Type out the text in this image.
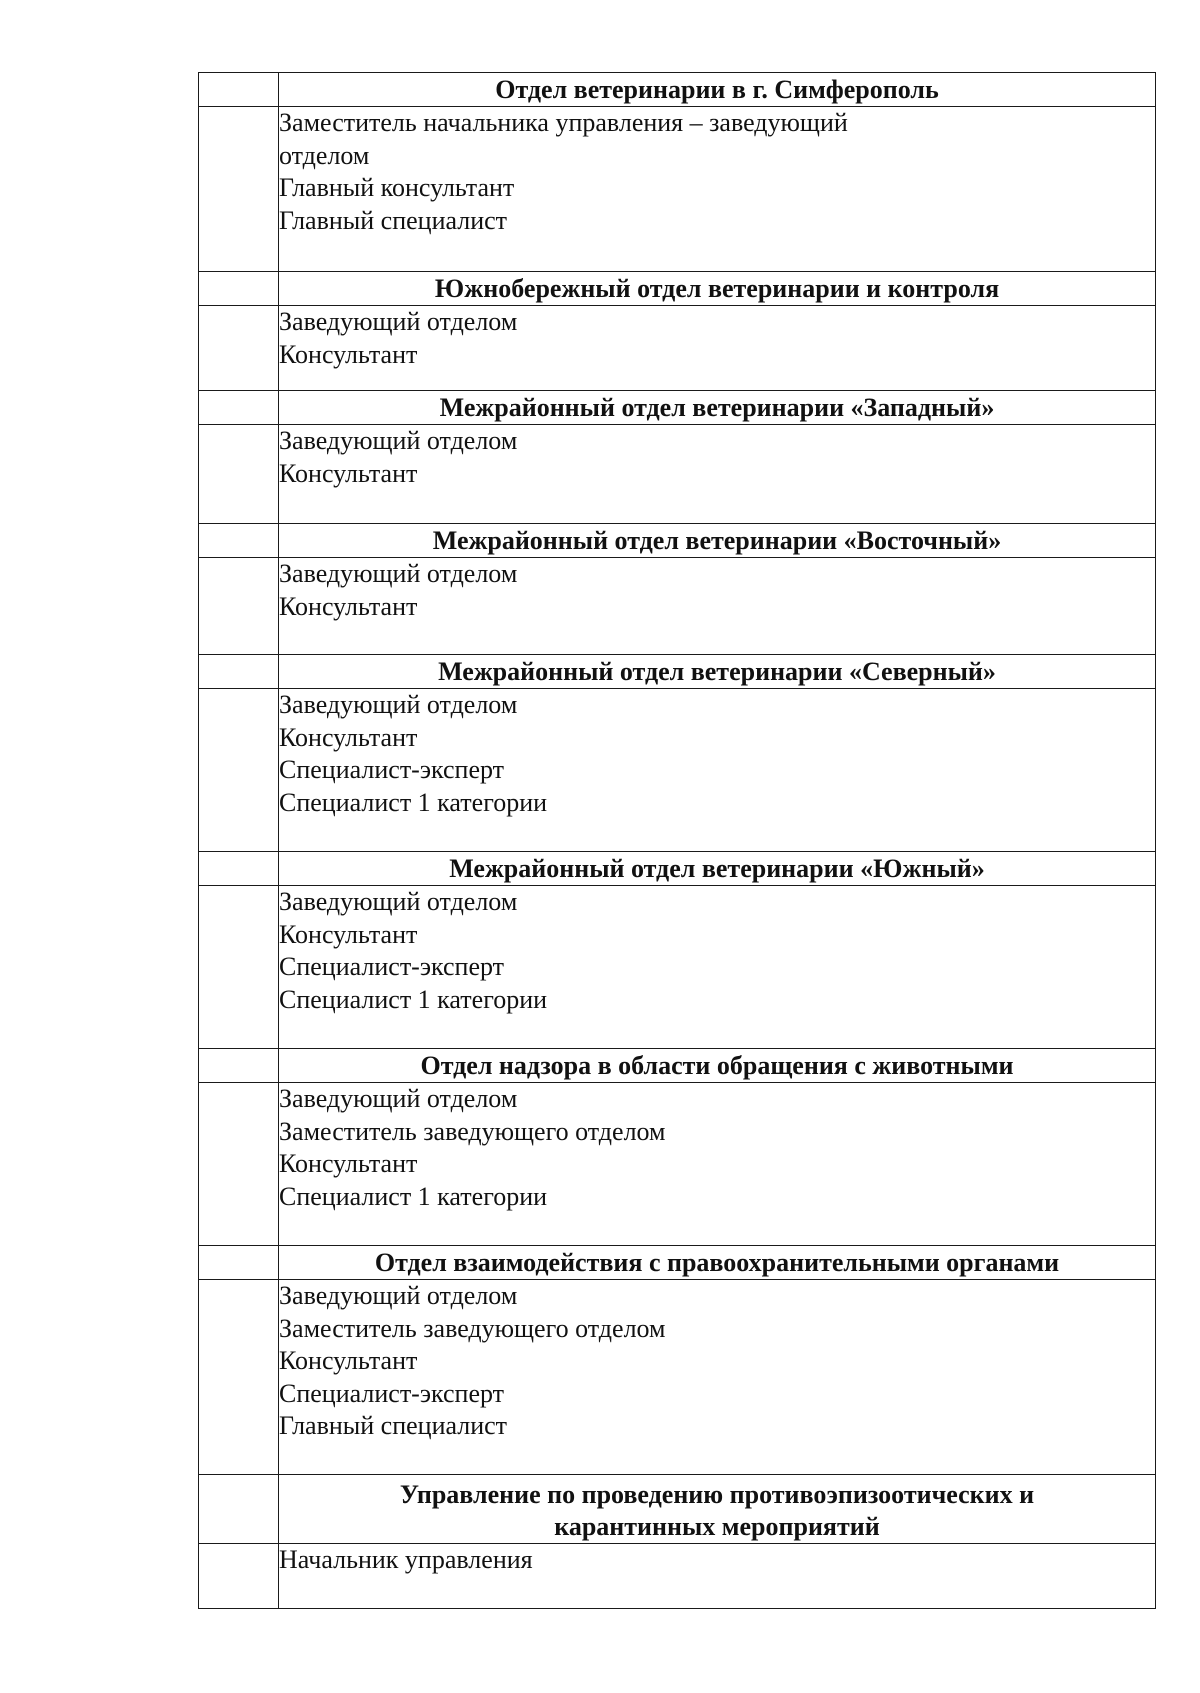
	Отдел ветеринарии в г. Симферополь

	Заместитель начальника управления – заведующий отделом
Главный консультант
Главный специалист

	Южнобережный отдел ветеринарии и контроля

	Заведующий отделом
Консультант

	Межрайонный отдел ветеринарии «Западный»

	Заведующий отделом
Консультант

	Межрайонный отдел ветеринарии «Восточный»

	Заведующий отделом
Консультант

	Межрайонный отдел ветеринарии «Северный»

	Заведующий отделом
Консультант
Специалист-эксперт
Специалист 1 категории

	Межрайонный отдел ветеринарии «Южный»

	Заведующий отделом
Консультант
Специалист-эксперт
Специалист 1 категории

	Отдел надзора в области обращения с животными

	Заведующий отделом
Заместитель заведующего отделом
Консультант
Специалист 1 категории

	Отдел взаимодействия с правоохранительными органами

	Заведующий отделом
Заместитель заведующего отделом
Консультант
Специалист-эксперт
Главный специалист

	Управление по проведению противоэпизоотических и карантинных мероприятий

	Начальник управления
